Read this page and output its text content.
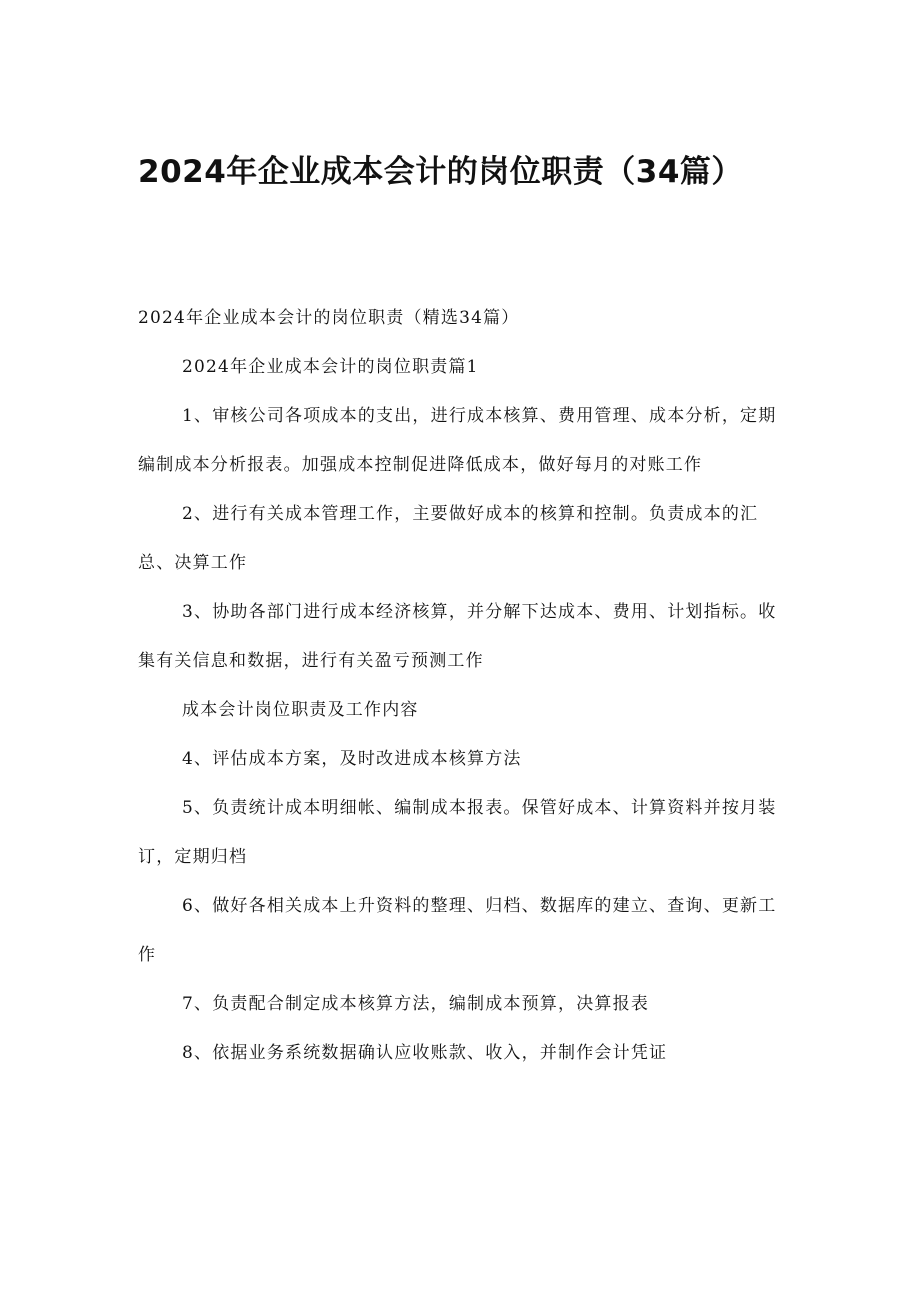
2024年企业成本会计的岗位职责（34篇）

2024年企业成本会计的岗位职责（精选34篇）

2024年企业成本会计的岗位职责篇1

1、审核公司各项成本的支出，进行成本核算、费用管理、成本分析，定期编制成本分析报表。加强成本控制促进降低成本，做好每月的对账工作

2、进行有关成本管理工作，主要做好成本的核算和控制。负责成本的汇总、决算工作

3、协助各部门进行成本经济核算，并分解下达成本、费用、计划指标。收集有关信息和数据，进行有关盈亏预测工作

成本会计岗位职责及工作内容

4、评估成本方案，及时改进成本核算方法

5、负责统计成本明细帐、编制成本报表。保管好成本、计算资料并按月装订，定期归档

6、做好各相关成本上升资料的整理、归档、数据库的建立、查询、更新工作

7、负责配合制定成本核算方法，编制成本预算，决算报表

8、依据业务系统数据确认应收账款、收入，并制作会计凭证
